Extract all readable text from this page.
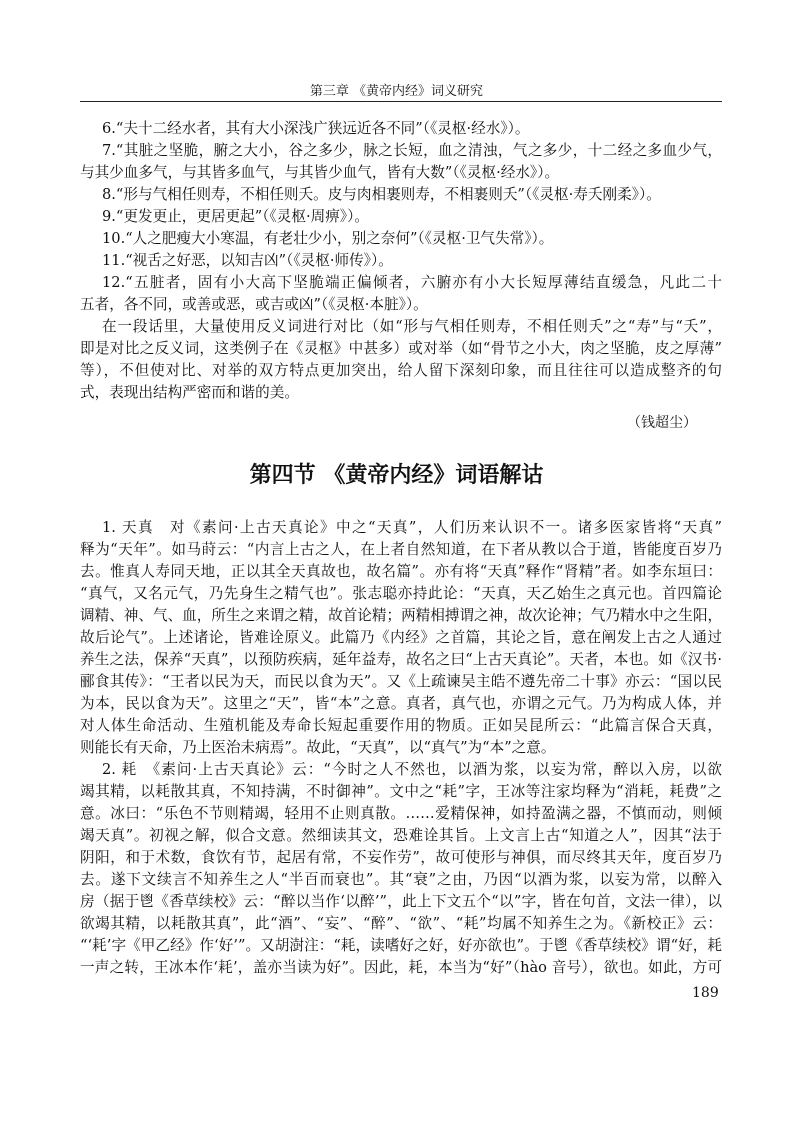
第三章 《黄帝内经》词义研究
6.“夫十二经水者，其有大小深浅广狭远近各不同”（《灵枢·经水》）。
7.“其脏之坚脆，腑之大小，谷之多少，脉之长短，血之清浊，气之多少，十二经之多血少气，
与其少血多气，与其皆多血气，与其皆少血气，皆有大数”（《灵枢·经水》）。
8.“形与气相任则寿，不相任则夭。皮与肉相裹则寿，不相裹则夭”（《灵枢·寿夭刚柔》）。
9.“更发更止，更居更起”（《灵枢·周痹》）。
10.“人之肥瘦大小寒温，有老壮少小，别之奈何”（《灵枢·卫气失常》）。
11.“视舌之好恶，以知吉凶”（《灵枢·师传》）。
12.“五脏者，固有小大高下坚脆端正偏倾者，六腑亦有小大长短厚薄结直缓急，凡此二十
五者，各不同，或善或恶，或吉或凶”（《灵枢·本脏》）。
在一段话里，大量使用反义词进行对比（如“形与气相任则寿，不相任则夭”之“寿”与“夭”，
即是对比之反义词，这类例子在《灵枢》中甚多）或对举（如“骨节之小大，肉之坚脆，皮之厚薄”
等），不但使对比、对举的双方特点更加突出，给人留下深刻印象，而且往往可以造成整齐的句
式，表现出结构严密而和谐的美。
（钱超尘）
第四节 《黄帝内经》词语解诂
1. 天真　对《素问·上古天真论》中之“天真”，人们历来认识不一。诸多医家皆将“天真”
释为“天年”。如马莳云：“内言上古之人，在上者自然知道，在下者从教以合于道，皆能度百岁乃
去。惟真人寿同天地，正以其全天真故也，故名篇”。亦有将“天真”释作“肾精”者。如李东垣曰：
“真气，又名元气，乃先身生之精气也”。张志聪亦持此论：“天真，天乙始生之真元也。首四篇论
调精、神、气、血，所生之来谓之精，故首论精；两精相搏谓之神，故次论神；气乃精水中之生阳，
故后论气”。上述诸论，皆难诠原义。此篇乃《内经》之首篇，其论之旨，意在阐发上古之人通过
养生之法，保养“天真”，以预防疾病，延年益寿，故名之曰“上古天真论”。天者，本也。如《汉书·
郦食其传》：“王者以民为天，而民以食为天”。又《上疏谏吴主皓不遵先帝二十事》亦云：“国以民
为本，民以食为天”。这里之“天”，皆“本”之意。真者，真气也，亦谓之元气。乃为构成人体，并
对人体生命活动、生殖机能及寿命长短起重要作用的物质。正如吴昆所云：“此篇言保合天真，
则能长有天命，乃上医治未病焉”。故此，“天真”，以“真气”为“本”之意。
2. 耗　《素问·上古天真论》云：“今时之人不然也，以酒为浆，以妄为常，醉以入房，以欲
竭其精，以耗散其真，不知持满，不时御神”。文中之“耗”字，王冰等注家均释为“消耗，耗费”之
意。冰曰：“乐色不节则精竭，轻用不止则真散。……爱精保神，如持盈满之器，不慎而动，则倾
竭天真”。初视之解，似合文意。然细读其文，恐难诠其旨。上文言上古“知道之人”，因其“法于
阴阳，和于术数，食饮有节，起居有常，不妄作劳”，故可使形与神俱，而尽终其天年，度百岁乃
去。遂下文续言不知养生之人“半百而衰也”。其“衰”之由，乃因“以酒为浆，以妄为常，以醉入
房（据于鬯《香草续校》云：“醉以当作‘以醉’”，此上下文五个“以”字，皆在句首，文法一律），以
欲竭其精，以耗散其真”，此“酒”、“妄”、“醉”、“欲”、“耗”均属不知养生之为。《新校正》云：
“‘耗’字《甲乙经》作‘好’”。又胡澍注：“耗，读嗜好之好，好亦欲也”。于鬯《香草续校》谓“好，耗
一声之转，王冰本作‘耗’，盖亦当读为好”。因此，耗，本当为“好”（hào 音号），欲也。如此，方可
189
